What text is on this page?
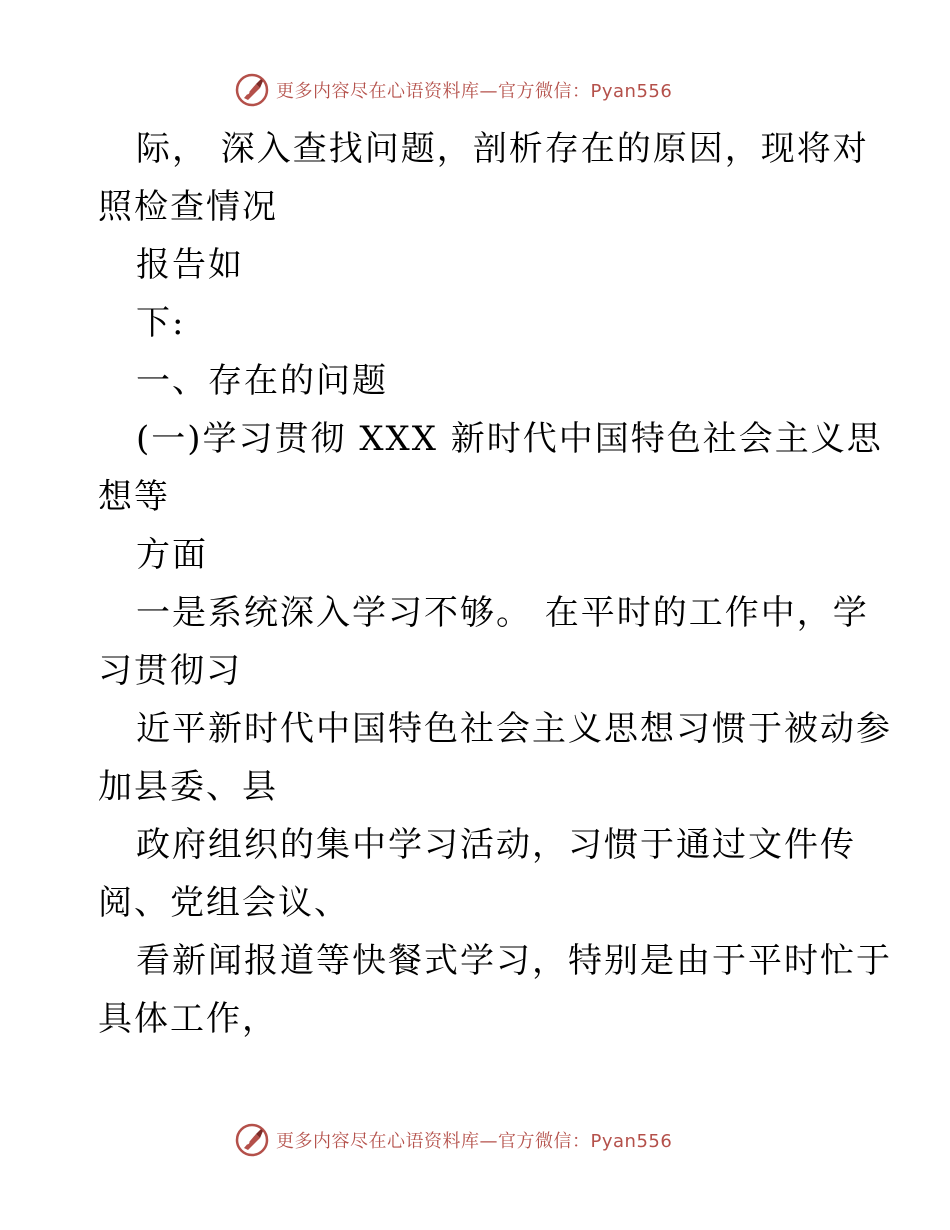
更多内容尽在心语资料库—官方微信：Pyan556
际， 深入查找问题，剖析存在的原因，现将对
照检查情况
报告如
下:
一、存在的问题
(一)学习贯彻 XXX 新时代中国特色社会主义思
想等
方面
一是系统深入学习不够。 在平时的工作中，学
习贯彻习
近平新时代中国特色社会主义思想习惯于被动参
加县委、县
政府组织的集中学习活动，习惯于通过文件传
阅、党组会议、
看新闻报道等快餐式学习，特别是由于平时忙于
具体工作，
更多内容尽在心语资料库—官方微信：Pyan556
